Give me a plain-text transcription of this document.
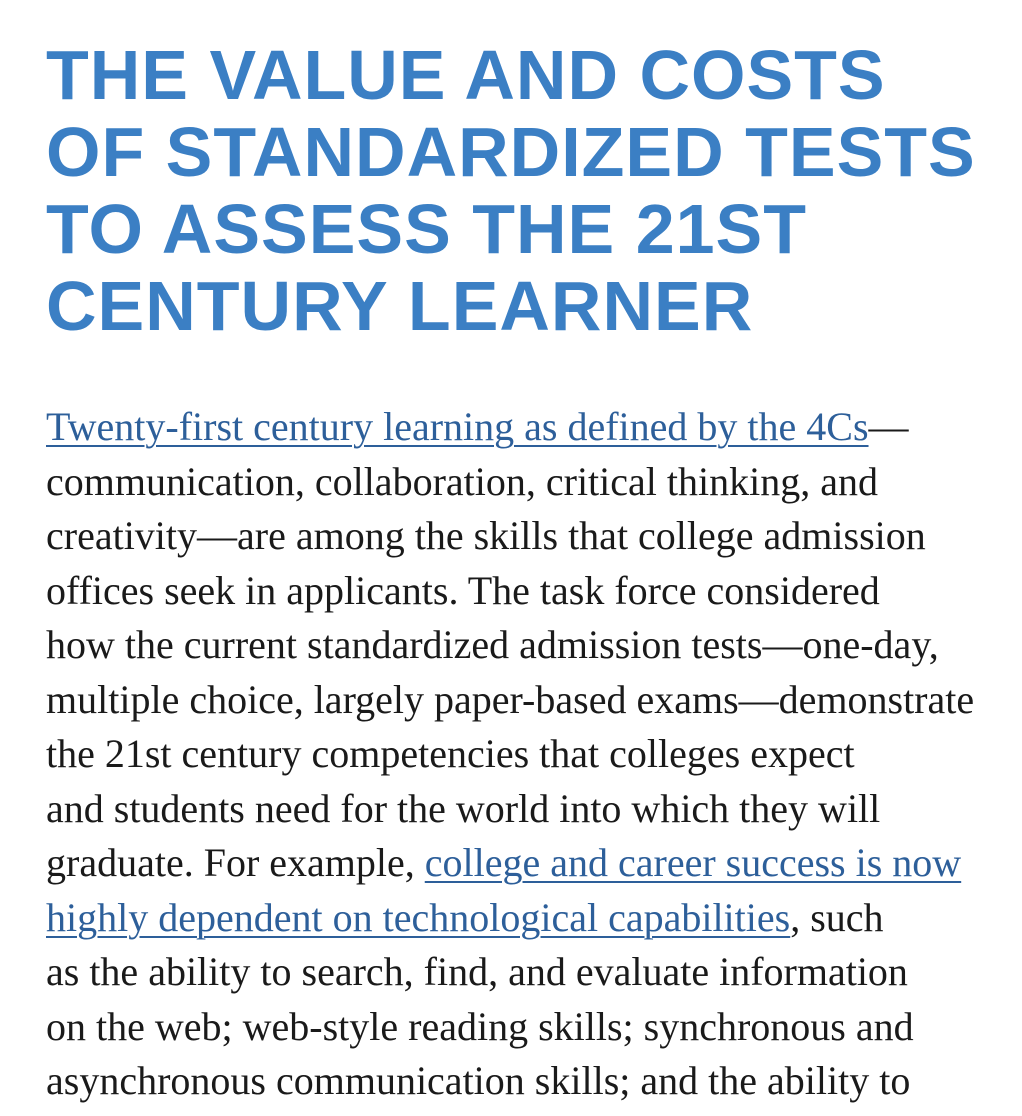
THE VALUE AND COSTS
OF STANDARDIZED TESTS
TO ASSESS THE 21ST
CENTURY LEARNER
Twenty-first century learning as defined by the 4Cs—
communication, collaboration, critical thinking, and
creativity—are among the skills that college admission
offices seek in applicants. The task force considered
how the current standardized admission tests—one-day,
multiple choice, largely paper-based exams—demonstrate
the 21st century competencies that colleges expect
and students need for the world into which they will
graduate. For example, college and career success is now
highly dependent on technological capabilities, such
as the ability to search, find, and evaluate information
on the web; web-style reading skills; synchronous and
asynchronous communication skills; and the ability to
